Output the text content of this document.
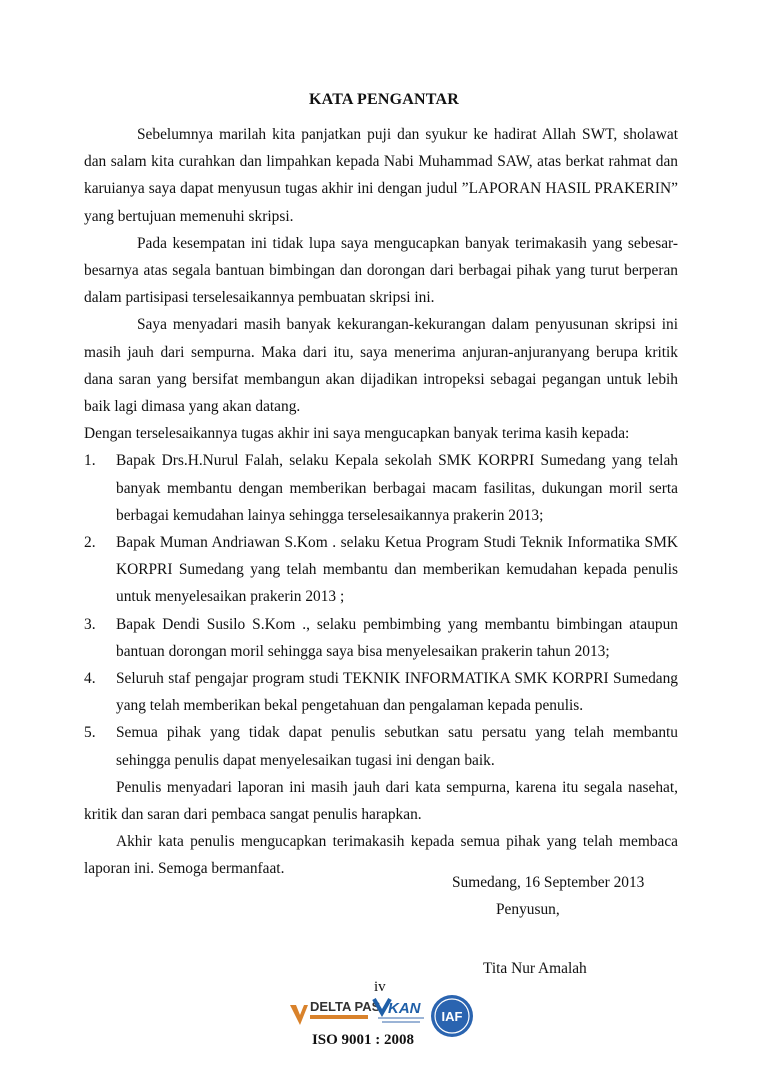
KATA PENGANTAR

Sebelumnya marilah kita panjatkan puji dan syukur ke hadirat Allah SWT, sholawat dan salam kita curahkan dan limpahkan kepada Nabi Muhammad SAW, atas berkat rahmat dan karuianya saya dapat menyusun tugas akhir ini dengan judul ”LAPORAN HASIL PRAKERIN” yang bertujuan memenuhi skripsi.

Pada kesempatan ini tidak lupa saya mengucapkan banyak terimakasih yang sebesar-besarnya atas segala bantuan bimbingan dan dorongan dari berbagai pihak yang turut berperan dalam partisipasi terselesaikannya pembuatan skripsi ini.

Saya menyadari masih banyak kekurangan-kekurangan dalam penyusunan skripsi ini masih jauh dari sempurna. Maka dari itu, saya menerima anjuran-anjuranyang berupa kritik dana saran yang bersifat membangun akan dijadikan intropeksi sebagai pegangan untuk lebih baik lagi dimasa yang akan datang.

Dengan terselesaikannya tugas akhir ini saya mengucapkan banyak terima kasih kepada:

1. Bapak Drs.H.Nurul Falah, selaku Kepala sekolah SMK KORPRI Sumedang yang telah banyak membantu dengan memberikan berbagai macam fasilitas, dukungan moril serta berbagai kemudahan lainya sehingga terselesaikannya prakerin 2013;
2. Bapak Muman Andriawan S.Kom . selaku Ketua Program Studi Teknik Informatika SMK KORPRI Sumedang yang telah membantu dan memberikan kemudahan kepada penulis untuk menyelesaikan prakerin 2013 ;
3. Bapak Dendi Susilo S.Kom ., selaku pembimbing yang membantu bimbingan ataupun bantuan dorongan moril sehingga saya bisa menyelesaikan prakerin tahun 2013;
4. Seluruh staf pengajar program studi TEKNIK INFORMATIKA SMK KORPRI Sumedang yang telah memberikan bekal pengetahuan dan pengalaman kepada penulis.
5. Semua pihak yang tidak dapat penulis sebutkan satu persatu yang telah membantu sehingga penulis dapat menyelesaikan tugasi ini dengan baik.

Penulis menyadari laporan ini masih jauh dari kata sempurna, karena itu segala nasehat, kritik dan saran dari pembaca sangat penulis harapkan.

Akhir kata penulis mengucapkan terimakasih kepada semua pihak yang telah membaca laporan ini. Semoga bermanfaat.

Sumedang, 16 September 2013
Penyusun,
Tita Nur Amalah
iv
DELTA PAS KAN IAF
ISO 9001 : 2008
